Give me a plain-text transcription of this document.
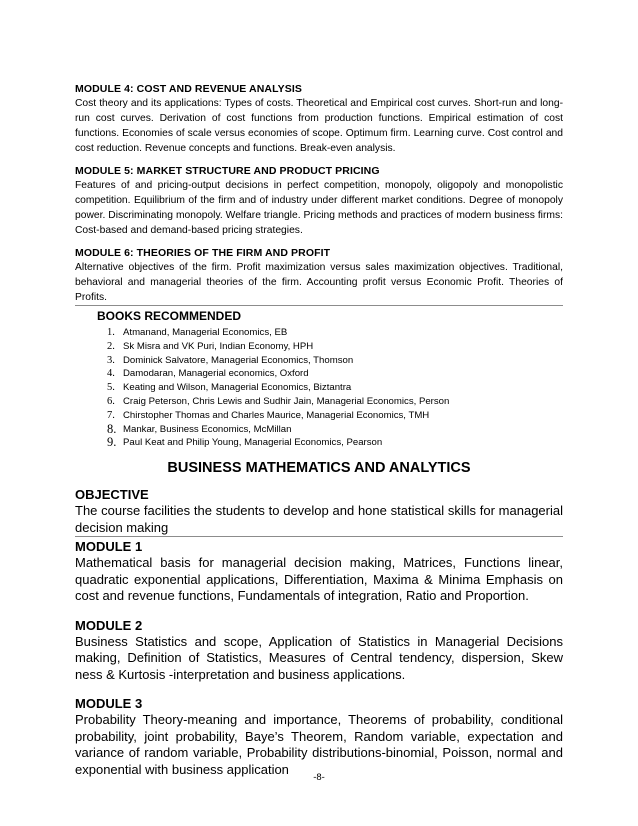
MODULE 4: COST AND REVENUE ANALYSIS

Cost theory and its applications: Types of costs. Theoretical and Empirical cost curves. Short-run and long-run cost curves. Derivation of cost functions from production functions. Empirical estimation of cost functions. Economies of scale versus economies of scope. Optimum firm. Learning curve. Cost control and cost reduction. Revenue concepts and functions. Break-even analysis.

MODULE 5: MARKET STRUCTURE AND PRODUCT PRICING

Features of and pricing-output decisions in perfect competition, monopoly, oligopoly and monopolistic competition. Equilibrium of the firm and of industry under different market conditions. Degree of monopoly power. Discriminating monopoly. Welfare triangle. Pricing methods and practices of modern business firms: Cost-based and demand-based pricing strategies.

MODULE 6: THEORIES OF THE FIRM AND PROFIT

Alternative objectives of the firm. Profit maximization versus sales maximization objectives. Traditional, behavioral and managerial theories of the firm. Accounting profit versus Economic Profit. Theories of Profits.

BOOKS RECOMMENDED

1. Atmanand, Managerial Economics, EB
2. Sk Misra and VK Puri, Indian Economy, HPH
3. Dominick Salvatore, Managerial Economics, Thomson
4. Damodaran, Managerial economics, Oxford
5. Keating and Wilson, Managerial Economics, Biztantra
6. Craig Peterson, Chris Lewis and Sudhir Jain, Managerial Economics, Person
7. Chirstopher Thomas and Charles Maurice, Managerial Economics, TMH
8. Mankar, Business Economics, McMillan
9. Paul Keat and Philip Young, Managerial Economics, Pearson

BUSINESS MATHEMATICS AND ANALYTICS

OBJECTIVE

The course facilities the students to develop and hone statistical skills for managerial decision making

MODULE 1

Mathematical basis for managerial decision making, Matrices, Functions linear, quadratic exponential applications, Differentiation, Maxima & Minima Emphasis on cost and revenue functions, Fundamentals of integration, Ratio and Proportion.

MODULE 2

Business Statistics and scope, Application of Statistics in Managerial Decisions making, Definition of Statistics, Measures of Central tendency, dispersion, Skew ness & Kurtosis -interpretation and business applications.

MODULE 3

Probability Theory-meaning and importance, Theorems of probability, conditional probability, joint probability, Baye’s Theorem, Random variable, expectation and variance of random variable, Probability distributions-binomial, Poisson, normal and exponential with business application

-8-
